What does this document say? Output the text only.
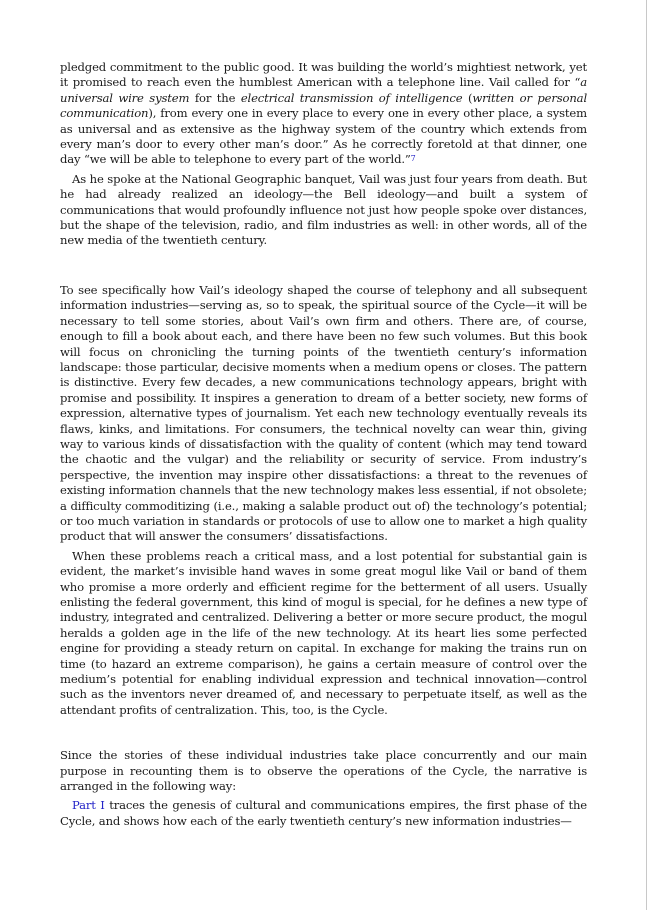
pledged commitment to the public good. It was building the world’s mightiest network, yet it promised to reach even the humblest American with a telephone line. Vail called for “a universal wire system for the electrical transmission of intelligence (written or personal communication), from every one in every place to every one in every other place, a system as universal and as extensive as the highway system of the country which extends from every man’s door to every other man’s door.” As he correctly foretold at that dinner, one day “we will be able to telephone to every part of the world.”$^7$

As he spoke at the National Geographic banquet, Vail was just four years from death. But he had already realized an ideology—the Bell ideology—and built a system of communications that would profoundly influence not just how people spoke over distances, but the shape of the television, radio, and film industries as well: in other words, all of the new media of the twentieth century.

To see specifically how Vail’s ideology shaped the course of telephony and all subsequent information industries—serving as, so to speak, the spiritual source of the Cycle—it will be necessary to tell some stories, about Vail’s own firm and others. There are, of course, enough to fill a book about each, and there have been no few such volumes. But this book will focus on chronicling the turning points of the twentieth century’s information landscape: those particular, decisive moments when a medium opens or closes. The pattern is distinctive. Every few decades, a new communications technology appears, bright with promise and possibility. It inspires a generation to dream of a better society, new forms of expression, alternative types of journalism. Yet each new technology eventually reveals its flaws, kinks, and limitations. For consumers, the technical novelty can wear thin, giving way to various kinds of dissatisfaction with the quality of content (which may tend toward the chaotic and the vulgar) and the reliability or security of service. From industry’s perspective, the invention may inspire other dissatisfactions: a threat to the revenues of existing information channels that the new technology makes less essential, if not obsolete; a difficulty commoditizing (i.e., making a salable product out of) the technology’s potential; or too much variation in standards or protocols of use to allow one to market a high quality product that will answer the consumers’ dissatisfactions.

When these problems reach a critical mass, and a lost potential for substantial gain is evident, the market’s invisible hand waves in some great mogul like Vail or band of them who promise a more orderly and efficient regime for the betterment of all users. Usually enlisting the federal government, this kind of mogul is special, for he defines a new type of industry, integrated and centralized. Delivering a better or more secure product, the mogul heralds a golden age in the life of the new technology. At its heart lies some perfected engine for providing a steady return on capital. In exchange for making the trains run on time (to hazard an extreme comparison), he gains a certain measure of control over the medium’s potential for enabling individual expression and technical innovation—control such as the inventors never dreamed of, and necessary to perpetuate itself, as well as the attendant profits of centralization. This, too, is the Cycle.

Since the stories of these individual industries take place concurrently and our main purpose in recounting them is to observe the operations of the Cycle, the narrative is arranged in the following way:

Part I traces the genesis of cultural and communications empires, the first phase of the Cycle, and shows how each of the early twentieth century’s new information industries—
